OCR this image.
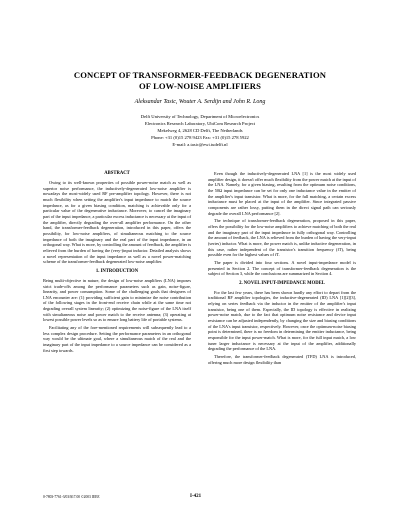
CONCEPT OF TRANSFORMER-FEEDBACK DEGENERATION
OF LOW-NOISE AMPLIFIERS
Aleksandar Tasic, Wouter A. Serdijn and John R. Long
Delft University of Technology, Department of Microelectronics
Electronics Research Laboratory, UbiCom Research Project
Mekelweg 4, 2628 CD Delft, The Netherlands
Phone: +31 (0)15 278 9423 Fax: +31 (0)15 278 5922
E-mail: a.tasic@ewi.tudelft.nl
ABSTRACT

Owing to its well-known properties of possible power-noise match as well as superior noise performance, the inductively-degenerated low-noise amplifier is nowadays the most-widely used RF pre-amplifier topology. However, there is not much flexibility when setting the amplifier's input impedance to match the source impedance, as for a given biasing condition, matching is achievable only for a particular value of the degenerative inductance. Moreover, to cancel the imaginary part of the input impedance, a particular excess inductance is necessary at the input of the amplifier, directly degrading the over-all amplifier performance. On the other hand, the transformer-feedback degeneration, introduced in this paper, offers the possibility, for low-noise amplifiers, of simultaneous matching to the source impedance of both the imaginary and the real part of the input impedance, in an orthogonal way. What is more, by controlling the amount of feedback, the amplifier is relieved from the burden of having the (very-)input inductor. Detailed analysis shows a novel representation of the input impedance as well as a novel power-matching scheme of the transformer-feedback degenerated low-noise amplifier.

1. INTRODUCTION

Being multi-objective in nature, the design of low-noise amplifiers (LNA) imposes strict trade-offs among the performance parameters such as gain, noise-figure, linearity, and power consumption. Some of the challenging goals that designers of LNA encounter are: (1) providing sufficient gain to minimize the noise contribution of the following stages in the front-end receive chain while at the same time not degrading overall system linearity; (2) optimizing the noise-figure of the LNA itself with simultaneous noise and power match to the receive antenna; (3) operating at lowest possible power levels so as to ensure long battery life of portable systems.

Facilitating any of the fore-mentioned requirements will subsequently lead to a less complex design procedure. Setting the performance parameters in an orthogonal way would be the ultimate goal, where a simultaneous match of the real and the imaginary part of the input impedance to a source impedance can be considered as a first step towards.

Even though the inductively-degenerated LNA [1] is the most widely used amplifier design, it doesn't offer much flexibility from the power match at the input of the LNA. Namely, for a given biasing, resulting from the optimum noise conditions, the 50Ω input impedance can be set for only one inductance value in the emitter of the amplifier's input transistor. What is more, for the full matching, a certain excess inductance must be placed at the input of the amplifier. Since integrated passive components are rather lossy, putting them in the direct signal path can seriously degrade the overall LNA performance [2].

The technique of transformer-feedback degeneration, proposed in this paper, offers the possibility for the low-noise amplifiers to achieve matching of both the real and the imaginary part of the input impedance in fully orthogonal way. Controlling the amount of feedback, the LNA is relieved from the burden of having the very-input (series) inductor. What is more, the power match is, unlike inductive degeneration, in this case, rather independent of the transistor's transition frequency (fT), being possible even for the highest values of fT.

The paper is divided into four sections. A novel input-impedance model is presented in Section 2. The concept of transformer-feedback degeneration is the subject of Section 3, while the conclusions are summarized in Section 4.

2. NOVEL INPUT-IMPEDANCE MODEL

For the last few years, there has been shown hardly any effort to depart from the traditional RF amplifier topologies, the inductive-degenerated (ID) LNA [1][2][3], relying on series feedback via the inductor in the emitter of the amplifier's input transistor, being one of them. Especially, the ID topology is effective in realizing power-noise match, due to the fact that optimum noise resistance and device input resistance can be adjusted independently, by changing the size and biasing conditions of the LNA's input transistor, respectively. However, once the optimum-noise biasing point is determined, there is no freedom in determining the emitter inductance, being responsible for the input power-match. What is more, for the full input match, a low tuner larger inductance is necessary at the input of the amplifier, additionally degrading the performance of the LNA.

Therefore, the transformer-feedback degenerated (TFD) LNA is introduced, offering much more design flexibility than

0-7803-7761-3/03/$17.00 ©2003 IEEE	I-421
